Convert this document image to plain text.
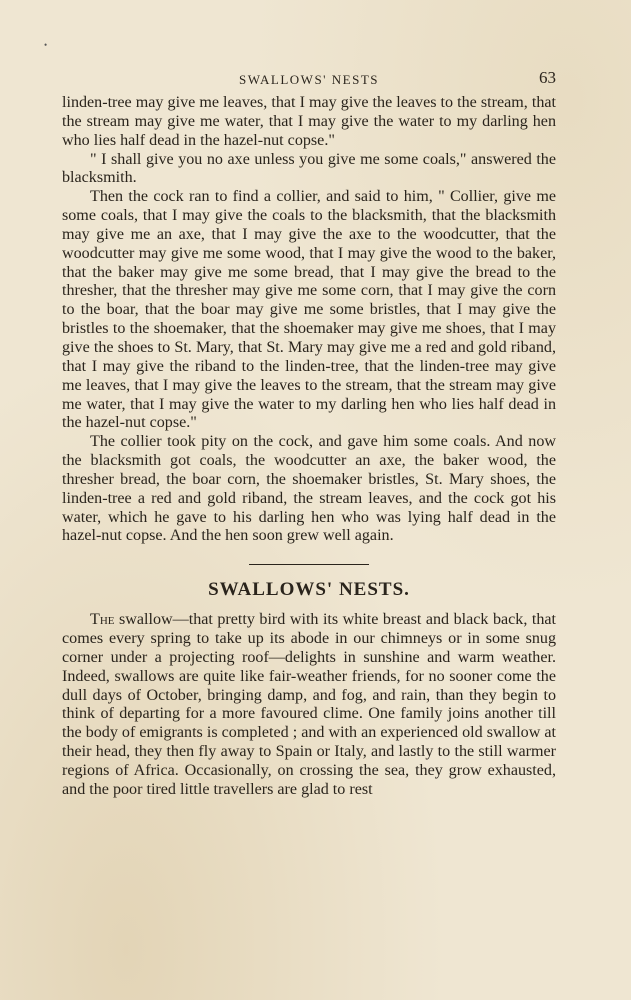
•
SWALLOWS' NESTS	63

linden-tree may give me leaves, that I may give the leaves to the stream, that the stream may give me water, that I may give the water to my darling hen who lies half dead in the hazel-nut copse."

" I shall give you no axe unless you give me some coals," answered the blacksmith.

Then the cock ran to find a collier, and said to him, " Collier, give me some coals, that I may give the coals to the blacksmith, that the blacksmith may give me an axe, that I may give the axe to the woodcutter, that the woodcutter may give me some wood, that I may give the wood to the baker, that the baker may give me some bread, that I may give the bread to the thresher, that the thresher may give me some corn, that I may give the corn to the boar, that the boar may give me some bristles, that I may give the bristles to the shoemaker, that the shoemaker may give me shoes, that I may give the shoes to St. Mary, that St. Mary may give me a red and gold riband, that I may give the riband to the linden-tree, that the linden-tree may give me leaves, that I may give the leaves to the stream, that the stream may give me water, that I may give the water to my darling hen who lies half dead in the hazel-nut copse."

The collier took pity on the cock, and gave him some coals. And now the blacksmith got coals, the woodcutter an axe, the baker wood, the thresher bread, the boar corn, the shoemaker bristles, St. Mary shoes, the linden-tree a red and gold riband, the stream leaves, and the cock got his water, which he gave to his darling hen who was lying half dead in the hazel-nut copse. And the hen soon grew well again.

SWALLOWS' NESTS.

The swallow—that pretty bird with its white breast and black back, that comes every spring to take up its abode in our chimneys or in some snug corner under a projecting roof—delights in sunshine and warm weather. Indeed, swallows are quite like fair-weather friends, for no sooner come the dull days of October, bringing damp, and fog, and rain, than they begin to think of departing for a more favoured clime. One family joins another till the body of emigrants is completed ; and with an experienced old swallow at their head, they then fly away to Spain or Italy, and lastly to the still warmer regions of Africa. Occasionally, on crossing the sea, they grow exhausted, and the poor tired little travellers are glad to rest
